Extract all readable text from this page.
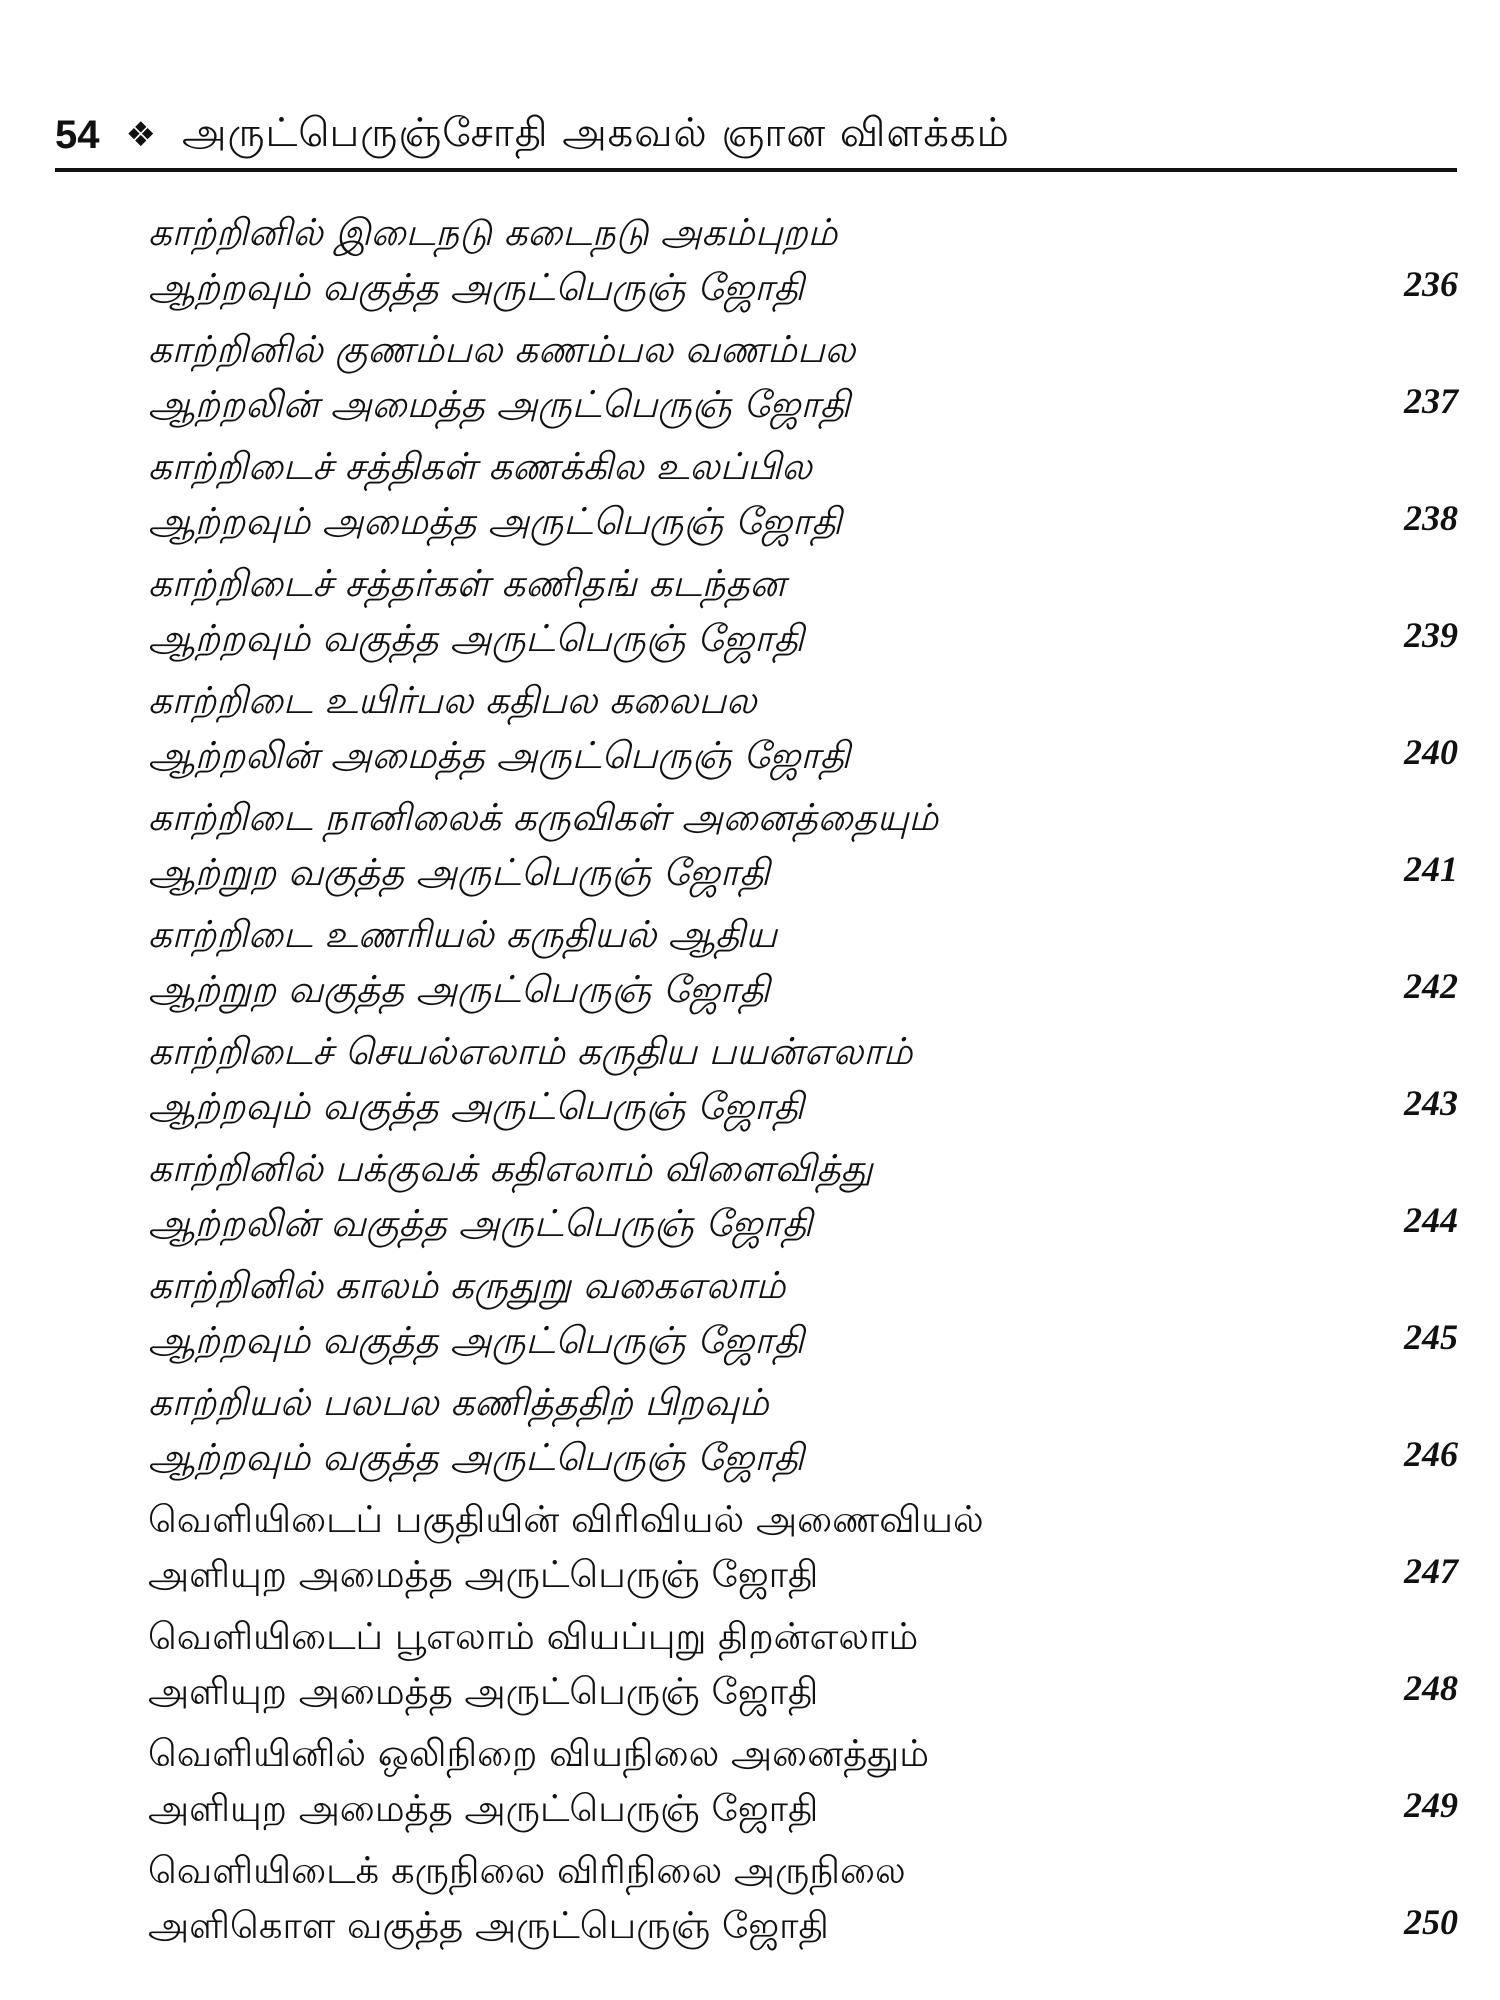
54 ❖ அருட்பெருஞ்சோதி அகவல் ஞான விளக்கம்
காற்றினில் இடைநடு கடைநடு அகம்புறம்
ஆற்றவும் வகுத்த அருட்பெருஞ் ஜோதி	236
காற்றினில் குணம்பல கணம்பல வணம்பல
ஆற்றலின் அமைத்த அருட்பெருஞ் ஜோதி	237
காற்றிடைச் சத்திகள் கணக்கில உலப்பில
ஆற்றவும் அமைத்த அருட்பெருஞ் ஜோதி	238
காற்றிடைச் சத்தர்கள் கணிதங் கடந்தன
ஆற்றவும் வகுத்த அருட்பெருஞ் ஜோதி	239
காற்றிடை உயிர்பல கதிபல கலைபல
ஆற்றலின் அமைத்த அருட்பெருஞ் ஜோதி	240
காற்றிடை நானிலைக் கருவிகள் அனைத்தையும்
ஆற்றுற வகுத்த அருட்பெருஞ் ஜோதி	241
காற்றிடை உணரியல் கருதியல் ஆதிய
ஆற்றுற வகுத்த அருட்பெருஞ் ஜோதி	242
காற்றிடைச் செயல்எலாம் கருதிய பயன்எலாம்
ஆற்றவும் வகுத்த அருட்பெருஞ் ஜோதி	243
காற்றினில் பக்குவக் கதிஎலாம் விளைவித்து
ஆற்றலின் வகுத்த அருட்பெருஞ் ஜோதி	244
காற்றினில் காலம் கருதுறு வகைஎலாம்
ஆற்றவும் வகுத்த அருட்பெருஞ் ஜோதி	245
காற்றியல் பலபல கணித்ததிற் பிறவும்
ஆற்றவும் வகுத்த அருட்பெருஞ் ஜோதி	246
வெளியிடைப் பகுதியின் விரிவியல் அணைவியல்
அளியுற அமைத்த அருட்பெருஞ் ஜோதி	247
வெளியிடைப் பூஎலாம் வியப்புறு திறன்எலாம்
அளியுற அமைத்த அருட்பெருஞ் ஜோதி	248
வெளியினில் ஒலிநிறை வியநிலை அனைத்தும்
அளியுற அமைத்த அருட்பெருஞ் ஜோதி	249
வெளியிடைக் கருநிலை விரிநிலை அருநிலை
அளிகொள வகுத்த அருட்பெருஞ் ஜோதி	250
